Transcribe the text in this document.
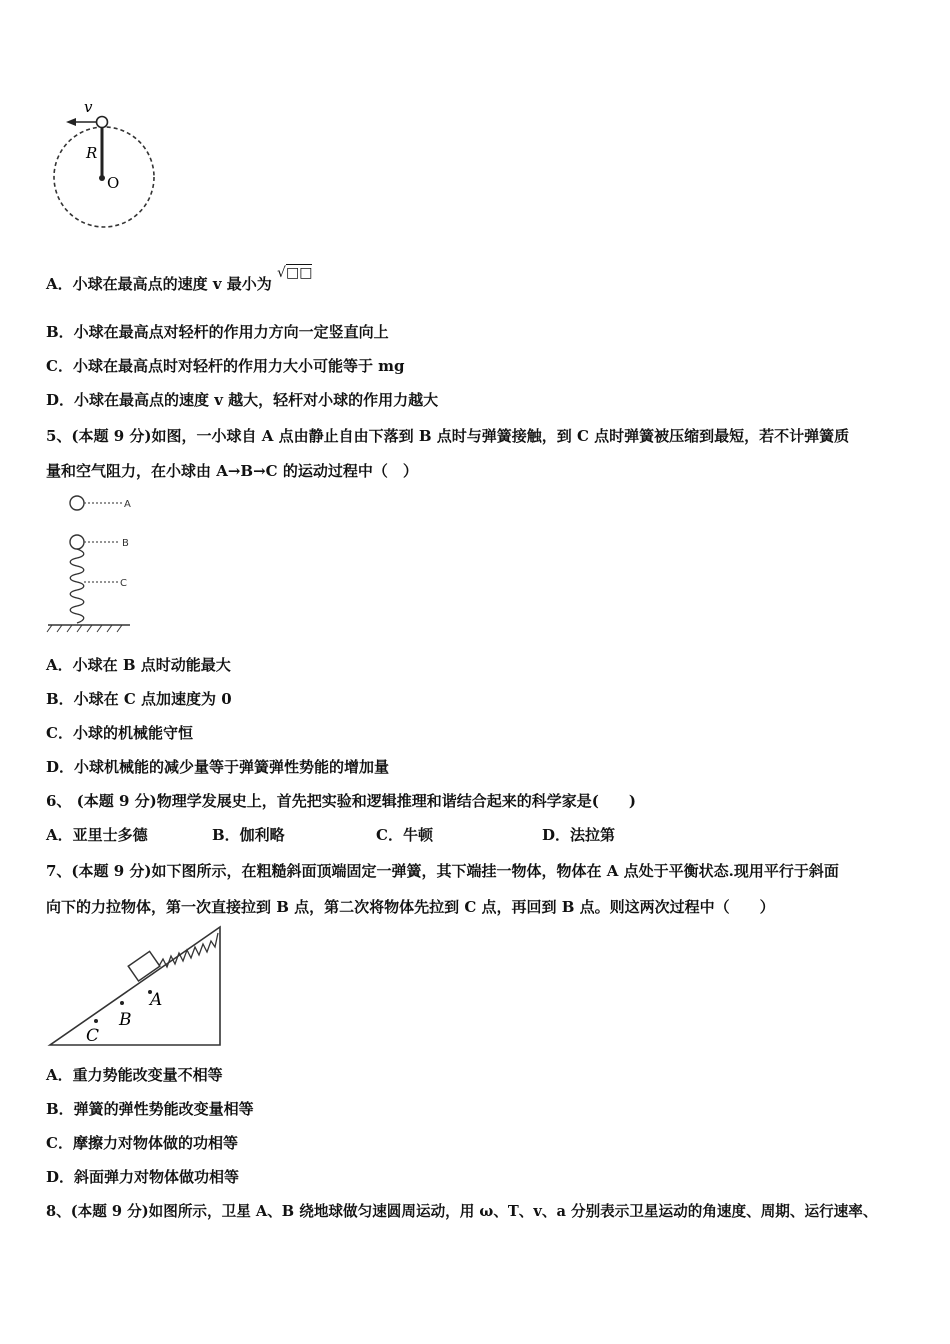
v
R
O
A．小球在最高点的速度 v 最小为 √□□
B．小球在最高点对轻杆的作用力方向一定竖直向上
C．小球在最高点时对轻杆的作用力大小可能等于 mg
D．小球在最高点的速度 v 越大，轻杆对小球的作用力越大
5、(本题 9 分)如图，一小球自 A 点由静止自由下落到 B 点时与弹簧接触，到 C 点时弹簧被压缩到最短，若不计弹簧质
量和空气阻力，在小球由 A→B→C 的运动过程中（　）
A
B
C
A．小球在 B 点时动能最大
B．小球在 C 点加速度为 0
C．小球的机械能守恒
D．小球机械能的减少量等于弹簧弹性势能的增加量
6、 (本题 9 分)物理学发展史上，首先把实验和逻辑推理和谐结合起来的科学家是(　　)
A．亚里士多德	B．伽利略	C．牛顿	D．法拉第
7、(本题 9 分)如下图所示，在粗糙斜面顶端固定一弹簧，其下端挂一物体，物体在 A 点处于平衡状态.现用平行于斜面
向下的力拉物体，第一次直接拉到 B 点，第二次将物体先拉到 C 点，再回到 B 点。则这两次过程中（　　）
A
B
C
A．重力势能改变量不相等
B．弹簧的弹性势能改变量相等
C．摩擦力对物体做的功相等
D．斜面弹力对物体做功相等
8、(本题 9 分)如图所示，卫星 A、B 绕地球做匀速圆周运动，用 ω、T、v、a 分别表示卫星运动的角速度、周期、运行速率、
